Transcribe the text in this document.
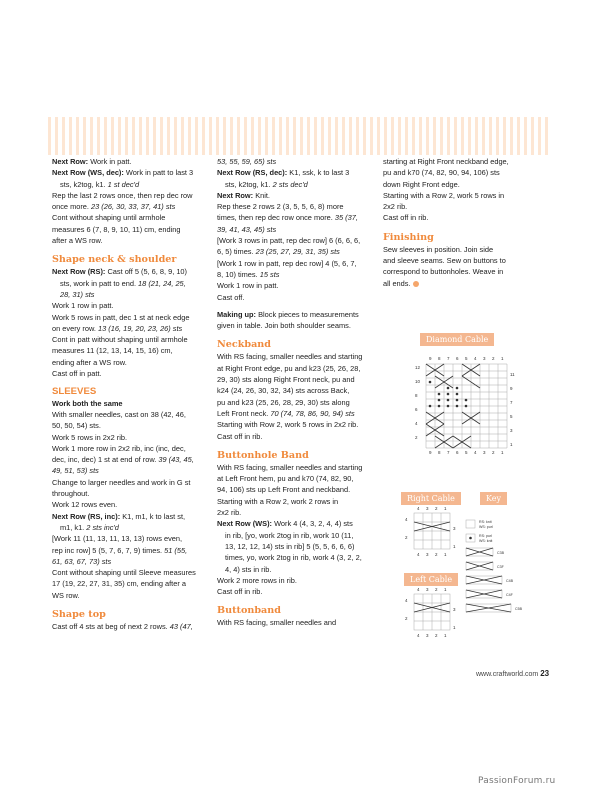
Next Row: Work in patt.

Next Row (WS, dec): Work in patt to last 3

sts, k2tog, k1. 1 st dec'd

Rep the last 2 rows once, then rep dec row

once more. 23 (26, 30, 33, 37, 41) sts

Cont without shaping until armhole

measures 6 (7, 8, 9, 10, 11) cm, ending

after a WS row.

Shape neck & shoulder

Next Row (RS): Cast off 5 (5, 6, 8, 9, 10)

sts, work in patt to end. 18 (21, 24, 25,

28, 31) sts

Work 1 row in patt.

Work 5 rows in patt, dec 1 st at neck edge

on every row. 13 (16, 19, 20, 23, 26) sts

Cont in patt without shaping until armhole

measures 11 (12, 13, 14, 15, 16) cm,

ending after a WS row.

Cast off in patt.

SLEEVES

Work both the same

With smaller needles, cast on 38 (42, 46,

50, 50, 54) sts.

Work 5 rows in 2x2 rib.

Work 1 more row in 2x2 rib, inc (inc, dec,

dec, inc, dec) 1 st at end of row. 39 (43, 45,

49, 51, 53) sts

Change to larger needles and work in G st

throughout.

Work 12 rows even.

Next Row (RS, inc): K1, m1, k to last st,

m1, k1. 2 sts inc'd

[Work 11 (11, 13, 11, 13, 13) rows even,

rep inc row] 5 (5, 7, 6, 7, 9) times. 51 (55,

61, 63, 67, 73) sts

Cont without shaping until Sleeve measures

17 (19, 22, 27, 31, 35) cm, ending after a

WS row.

Shape top

Cast off 4 sts at beg of next 2 rows. 43 (47,

53, 55, 59, 65) sts

Next Row (RS, dec): K1, ssk, k to last 3

sts, k2tog, k1. 2 sts dec'd

Next Row: Knit.

Rep these 2 rows 2 (3, 5, 5, 6, 8) more

times, then rep dec row once more. 35 (37,

39, 41, 43, 45) sts

[Work 3 rows in patt, rep dec row] 6 (6, 6, 6,

6, 5) times. 23 (25, 27, 29, 31, 35) sts

[Work 1 row in patt, rep dec row] 4 (5, 6, 7,

8, 10) times. 15 sts

Work 1 row in patt.

Cast off.

Making up: Block pieces to measurements

given in table. Join both shoulder seams.

Neckband

With RS facing, smaller needles and starting

at Right Front edge, pu and k23 (25, 26, 28,

29, 30) sts along Right Front neck, pu and

k24 (24, 26, 30, 32, 34) sts across Back,

pu and k23 (25, 26, 28, 29, 30) sts along

Left Front neck. 70 (74, 78, 86, 90, 94) sts

Starting with Row 2, work 5 rows in 2x2 rib.

Cast off in rib.

Buttonhole Band

With RS facing, smaller needles and starting

at Left Front hem, pu and k70 (74, 82, 90,

94, 106) sts up Left Front and neckband.

Starting with a Row 2, work 2 rows in

2x2 rib.

Next Row (WS): Work 4 (4, 3, 2, 4, 4) sts

in rib, [yo, work 2tog in rib, work 10 (11,

13, 12, 12, 14) sts in rib] 5 (5, 5, 6, 6, 6)

times, yo, work 2tog in rib, work 4 (3, 2, 2,

4, 4) sts in rib.

Work 2 more rows in rib.

Cast off in rib.

Buttonband

With RS facing, smaller needles and

starting at Right Front neckband edge,

pu and k70 (74, 82, 90, 94, 106) sts

down Right Front edge.

Starting with a Row 2, work 5 rows in

2x2 rib.

Cast off in rib.

Finishing

Sew sleeves in position. Join side

and sleeve seams. Sew on buttons to

correspond to buttonholes. Weave in

all ends.

Diamond Cable
9
9
8
8
7
7
6
6
5
5
4
4
3
3
2
2
1
1
12
10
8
6
4
2
11
9
7
5
3
1
Right Cable
4
2
3
1
4 3 2 1
4 3 2 1
Left Cable
4
2
3
1
4 3 2 1
4 3 2 1
Key
RS: knit
WS: purl
RS: purl
WS: knit
C3B
C3F
C4B
C4F
C5B
www.craftworld.com 23
PassionForum.ru
